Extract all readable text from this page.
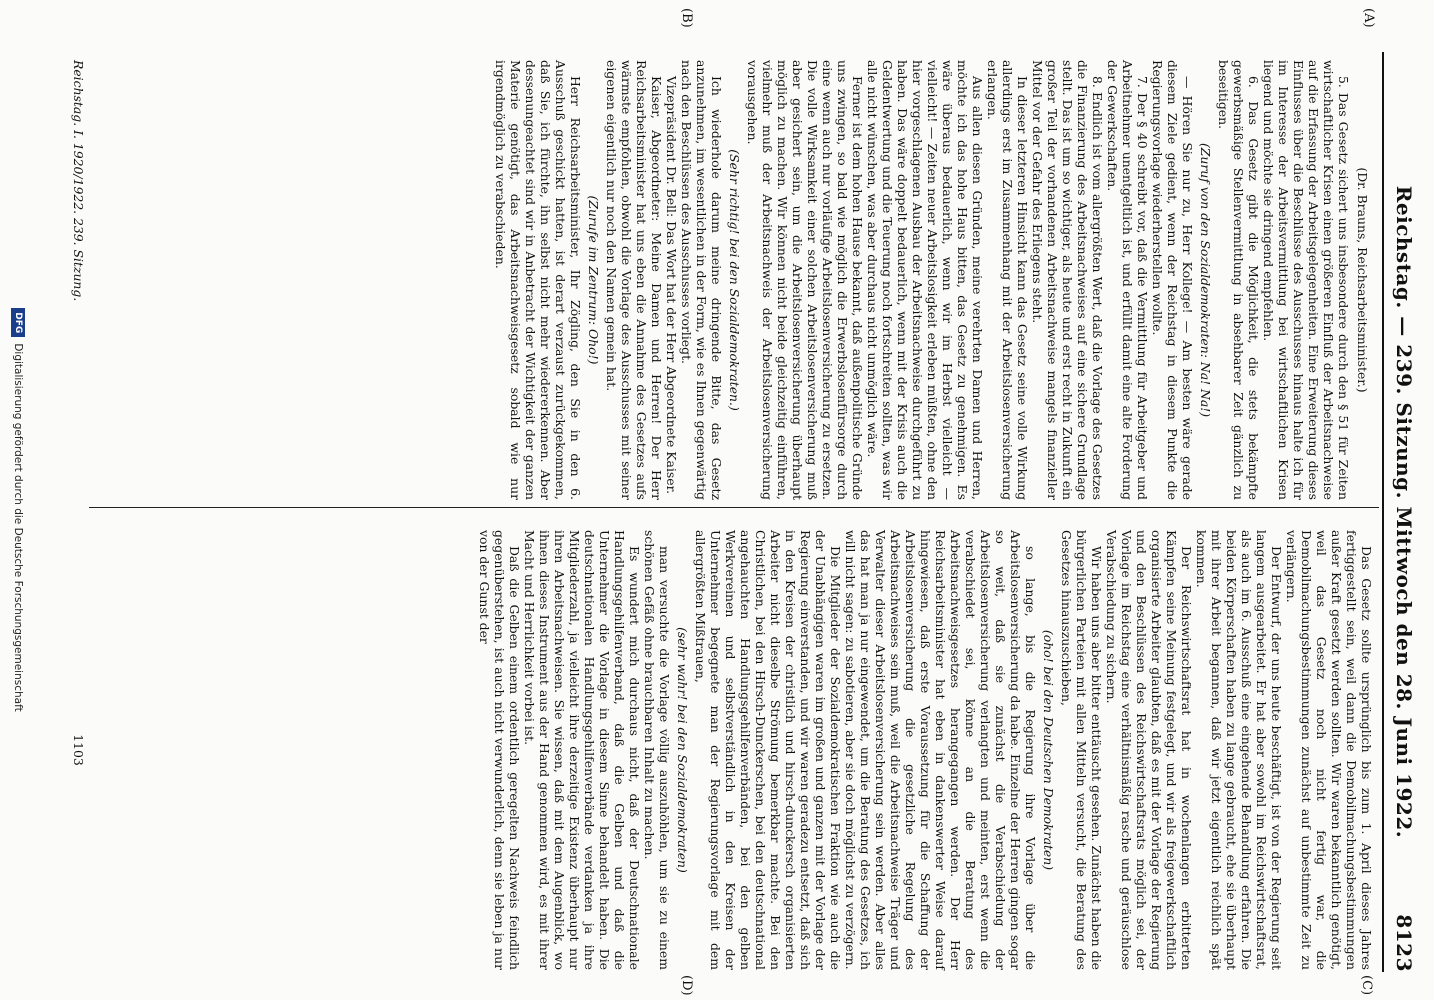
Reichstag. — 239. Sitzung. Mittwoch den 28. Juni 1922.
8123
(A)
(B)
(C)
(D)

(Dr. Brauns, Reichsarbeitsminister.)

5. Das Gesetz sichert uns insbesondere durch den § 51 für Zeiten wirtschaftlicher Krisen einen größeren Einfluß der Arbeitsnachweise auf die Erfassung der Arbeitsgelegenheiten. Eine Erweiterung dieses Einflusses über die Beschlüsse des Ausschusses hinaus halte ich für im Interesse der Arbeitsvermittlung bei wirtschaftlichen Krisen liegend und möchte sie dringend empfehlen.

6. Das Gesetz gibt die Möglichkeit, die stets bekämpfte gewerbsmäßige Stellenvermittlung in absehbarer Zeit gänzlich zu beseitigen.

(Zuruf von den Sozialdemokraten: Na! Na!)

— Hören Sie nur zu, Herr Kollege! — Am besten wäre gerade diesem Ziele gedient, wenn der Reichstag in diesem Punkte die Regierungsvorlage wiederherstellen wollte.

7. Der § 40 schreibt vor, daß die Vermittlung für Arbeitgeber und Arbeitnehmer unentgeltlich ist, und erfüllt damit eine alte Forderung der Gewerkschaften.

8. Endlich ist vom allergrößten Wert, daß die Vorlage des Gesetzes die Finanzierung des Arbeitsnachweises auf eine sichere Grundlage stellt. Das ist um so wichtiger, als heute und erst recht in Zukunft ein großer Teil der vorhandenen Arbeitsnachweise mangels finanzieller Mittel vor der Gefahr des Erliegens steht.

In dieser letzteren Hinsicht kann das Gesetz seine volle Wirkung allerdings erst im Zusammenhang mit der Arbeitslosenversicherung erlangen.

Aus allen diesen Gründen, meine verehrten Damen und Herren, möchte ich das hohe Haus bitten, das Gesetz zu genehmigen. Es wäre überaus bedauerlich, wenn wir im Herbst vielleicht — vielleicht! — Zeiten neuer Arbeitslosigkeit erleben müßten, ohne den hier vorgeschlagenen Ausbau der Arbeitsnachweise durchgeführt zu haben. Das wäre doppelt bedauerlich, wenn mit der Krisis auch die Geldentwertung und die Teuerung noch fortschreiten sollten, was wir alle nicht wünschen, was aber durchaus nicht unmöglich wäre.

Ferner ist dem hohen Hause bekannt, daß außenpolitische Gründe uns zwingen, so bald wie möglich die Erwerbslosenfürsorge durch eine wenn auch nur vorläufige Arbeitslosenversicherung zu ersetzen. Die volle Wirksamkeit einer solchen Arbeitslosenversicherung muß aber gesichert sein, um die Arbeitslosenversicherung überhaupt möglich zu machen. Wir können nicht beide gleichzeitig einführen, vielmehr muß der Arbeitsnachweis der Arbeitslosenversicherung vorausgehen.

(Sehr richtig! bei den Sozialdemokraten.)

Ich wiederhole darum meine dringende Bitte, das Gesetz anzunehmen, im wesentlichen in der Form, wie es Ihnen gegenwärtig nach den Beschlüssen des Ausschusses vorliegt.

Vizepräsident Dr. Bell: Das Wort hat der Herr Abgeordnete Kaiser.

Kaiser, Abgeordneter: Meine Damen und Herren! Der Herr Reichsarbeitsminister hat uns eben die Annahme des Gesetzes aufs wärmste empfohlen, obwohl die Vorlage des Ausschusses mit seiner eigenen eigentlich nur noch den Namen gemein hat.

(Zurufe im Zentrum: Oho!)

Herr Reichsarbeitsminister, Ihr Zögling, den Sie in den 6. Ausschuß geschickt hatten, ist derart verzaust zurückgekommen, daß Sie, ich fürchte, ihn selbst nicht mehr wiedererkennen. Aber dessenungeachtet sind wir in Anbetracht der Wichtigkeit der ganzen Materie genötigt, das Arbeitsnachweisgesetz sobald wie nur irgendmöglich zu verabschieden.

Das Gesetz sollte ursprünglich bis zum 1. April dieses Jahres fertiggestellt sein, weil dann die Demobilmachungsbestimmungen außer Kraft gesetzt werden sollten. Wir waren bekanntlich genötigt, weil das Gesetz noch nicht fertig war, die Demobilmachungsbestimmungen zunächst auf unbestimmte Zeit zu verlängern.

Der Entwurf, der uns heute beschäftigt, ist von der Regierung seit langem ausgearbeitet. Er hat aber sowohl im Reichswirtschaftsrat, als auch im 6. Ausschuß eine eingehende Behandlung erfahren. Die beiden Körperschaften haben zu lange gebraucht, ehe sie überhaupt mit ihrer Arbeit begannen, daß wir jetzt eigentlich reichlich spät kommen.

Der Reichswirtschaftsrat hat in wochenlangen erbitterten Kämpfen seine Meinung festgelegt, und wir als freigewerkschaftlich organisierte Arbeiter glaubten, daß es mit der Vorlage der Regierung und den Beschlüssen des Reichswirtschaftsrats möglich sei, der Vorlage im Reichstag eine verhältnismäßig rasche und geräuschlose Verabschiedung zu sichern.

Wir haben uns aber bitter enttäuscht gesehen. Zunächst haben die bürgerlichen Parteien mit allen Mitteln versucht, die Beratung des Gesetzes hinauszuschieben,

(oho! bei den Deutschen Demokraten)

so lange, bis die Regierung ihre Vorlage über die Arbeitslosenversicherung da habe. Einzelne der Herren gingen sogar so weit, daß sie zunächst die Verabschiedung der Arbeitslosenversicherung verlangten und meinten, erst wenn die verabschiedet sei, könne an die Beratung des Arbeitsnachweisgesetzes herangegangen werden. Der Herr Reichsarbeitsminister hat eben in dankenswerter Weise darauf hingewiesen, daß erste Voraussetzung für die Schaffung der Arbeitslosenversicherung die gesetzliche Regelung des Arbeitsnachweises sein muß, weil die Arbeitsnachweise Träger und Verwalter dieser Arbeitslosenversicherung sein werden. Aber alles das hat man ja nur eingewendet, um die Beratung des Gesetzes, ich will nicht sagen: zu sabotieren, aber sie doch möglichst zu verzögern.

Die Mitglieder der Sozialdemokratischen Fraktion wie auch die der Unabhängigen waren im großen und ganzen mit der Vorlage der Regierung einverstanden, und wir waren geradezu entsetzt, daß sich in den Kreisen der christlich und hirsch-dunckersch organisierten Arbeiter nicht dieselbe Strömung bemerkbar machte. Bei den Christlichen, bei den Hirsch-Dunckerschen, bei den deutschnational angehauchten Handlungsgehilfenverbänden, bei den gelben Werkvereinen und selbstverständlich in den Kreisen der Unternehmer begegnete man der Regierungsvorlage mit dem allergrößten Mißtrauen,

(sehr wahr! bei den Sozialdemokraten)

man versuchte die Vorlage völlig auszuhöhlen, um sie zu einem schönen Gefäß ohne brauchbaren Inhalt zu machen.

Es wundert mich durchaus nicht, daß der Deutschnationale Handlungsgehilfenverband, daß die Gelben und daß die Unternehmer die Vorlage in diesem Sinne behandelt haben. Die deutschnationalen Handlungsgehilfenverbände verdanken ja ihre Mitgliederzahl, ja vielleicht ihre derzeitige Existenz überhaupt nur ihren Arbeitsnachweisen. Sie wissen, daß mit dem Augenblick, wo ihnen dieses Instrument aus der Hand genommen wird, es mit ihrer Macht und Herrlichkeit vorbei ist.

Daß die Gelben einem ordentlich geregelten Nachweis feindlich gegenüberstehen, ist auch nicht verwunderlich, denn sie leben ja nur von der Gunst der

Reichstag. I. 1920/1922. 239. Sitzung.
1103
DFG
Digitalisierung gefördert durch die Deutsche Forschungsgemeinschaft
